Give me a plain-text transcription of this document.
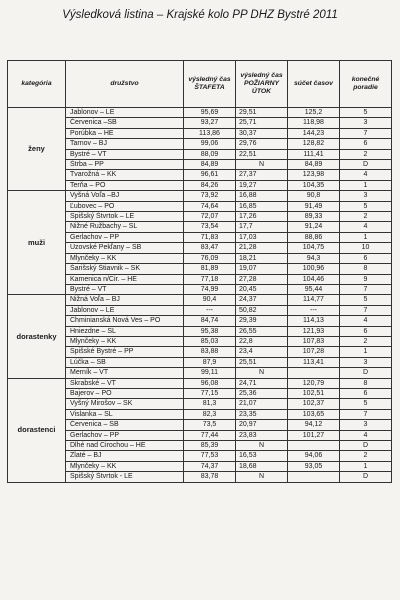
Výsledková listina – Krajské kolo PP DHZ Bystré 2011
kategória	družstvo	výsledný čas ŠTAFETA	výsledný čas POŽIARNY ÚTOK	súčet časov	konečné poradie
ženy	Jablonov – LE	95,69	29,51	125,2	5
	Červenica –SB	93,27	25,71	118,98	3
	Porúbka – HE	113,86	30,37	144,23	7
	Tarnov – BJ	99,06	29,76	128,82	6
	Bystré – VT	88,09	22,51	111,41	2
	Štrba – PP	84,89	N	84,89	D
	Tvarožná – KK	96,61	27,37	123,98	4
	Terňa – PO	84,26	19,27	104,35	1
muži	Vyšná Voľa –BJ	73,92	16,88	90,8	3
	Ľubovec – PO	74,64	16,85	91,49	5
	Spišský Štvrtok – LE	72,07	17,26	89,33	2
	Nižné Ružbachy – SL	73,54	17,7	91,24	4
	Gerlachov – PP	71,83	17,03	88,86	1
	Uzovské Pekľany – SB	83,47	21,28	104,75	10
	Mlynčeky – KK	76,09	18,21	94,3	6
	Šarišský Štiavnik – SK	81,89	19,07	100,96	8
	Kamenica n/Cir. – HE	77,18	27,28	104,46	9
	Bystré – VT	74,99	20,45	95,44	7
dorastenky	Nižná Voľa – BJ	90,4	24,37	114,77	5
	Jablonov – LE	---	50,82	---	7
	Chminianská Nová Ves – PO	84,74	29,39	114,13	4
	Hniezdne – SL	95,38	26,55	121,93	6
	Mlynčeky – KK	85,03	22,8	107,83	2
	Spišské Bystré – PP	83,88	23,4	107,28	1
	Lúčka – SB	87,9	25,51	113,41	3
	Merník – VT	99,11	N		D
dorastenci	Skrabské – VT	96,08	24,71	120,79	8
	Bajerov – PO	77,15	25,36	102,51	6
	Vyšný Mirošov – SK	81,3	21,07	102,37	5
	Vislanka – SL	82,3	23,35	103,65	7
	Červenica – SB	73,5	20,97	94,12	3
	Gerlachov – PP	77,44	23,83	101,27	4
	Dlhé nad Cirochou – HE	85,39	N		D
	Zlaté – BJ	77,53	16,53	94,06	2
	Mlynčeky – KK	74,37	18,68	93,05	1
	Spišský Štvrtok - LE	83,78	N		D
